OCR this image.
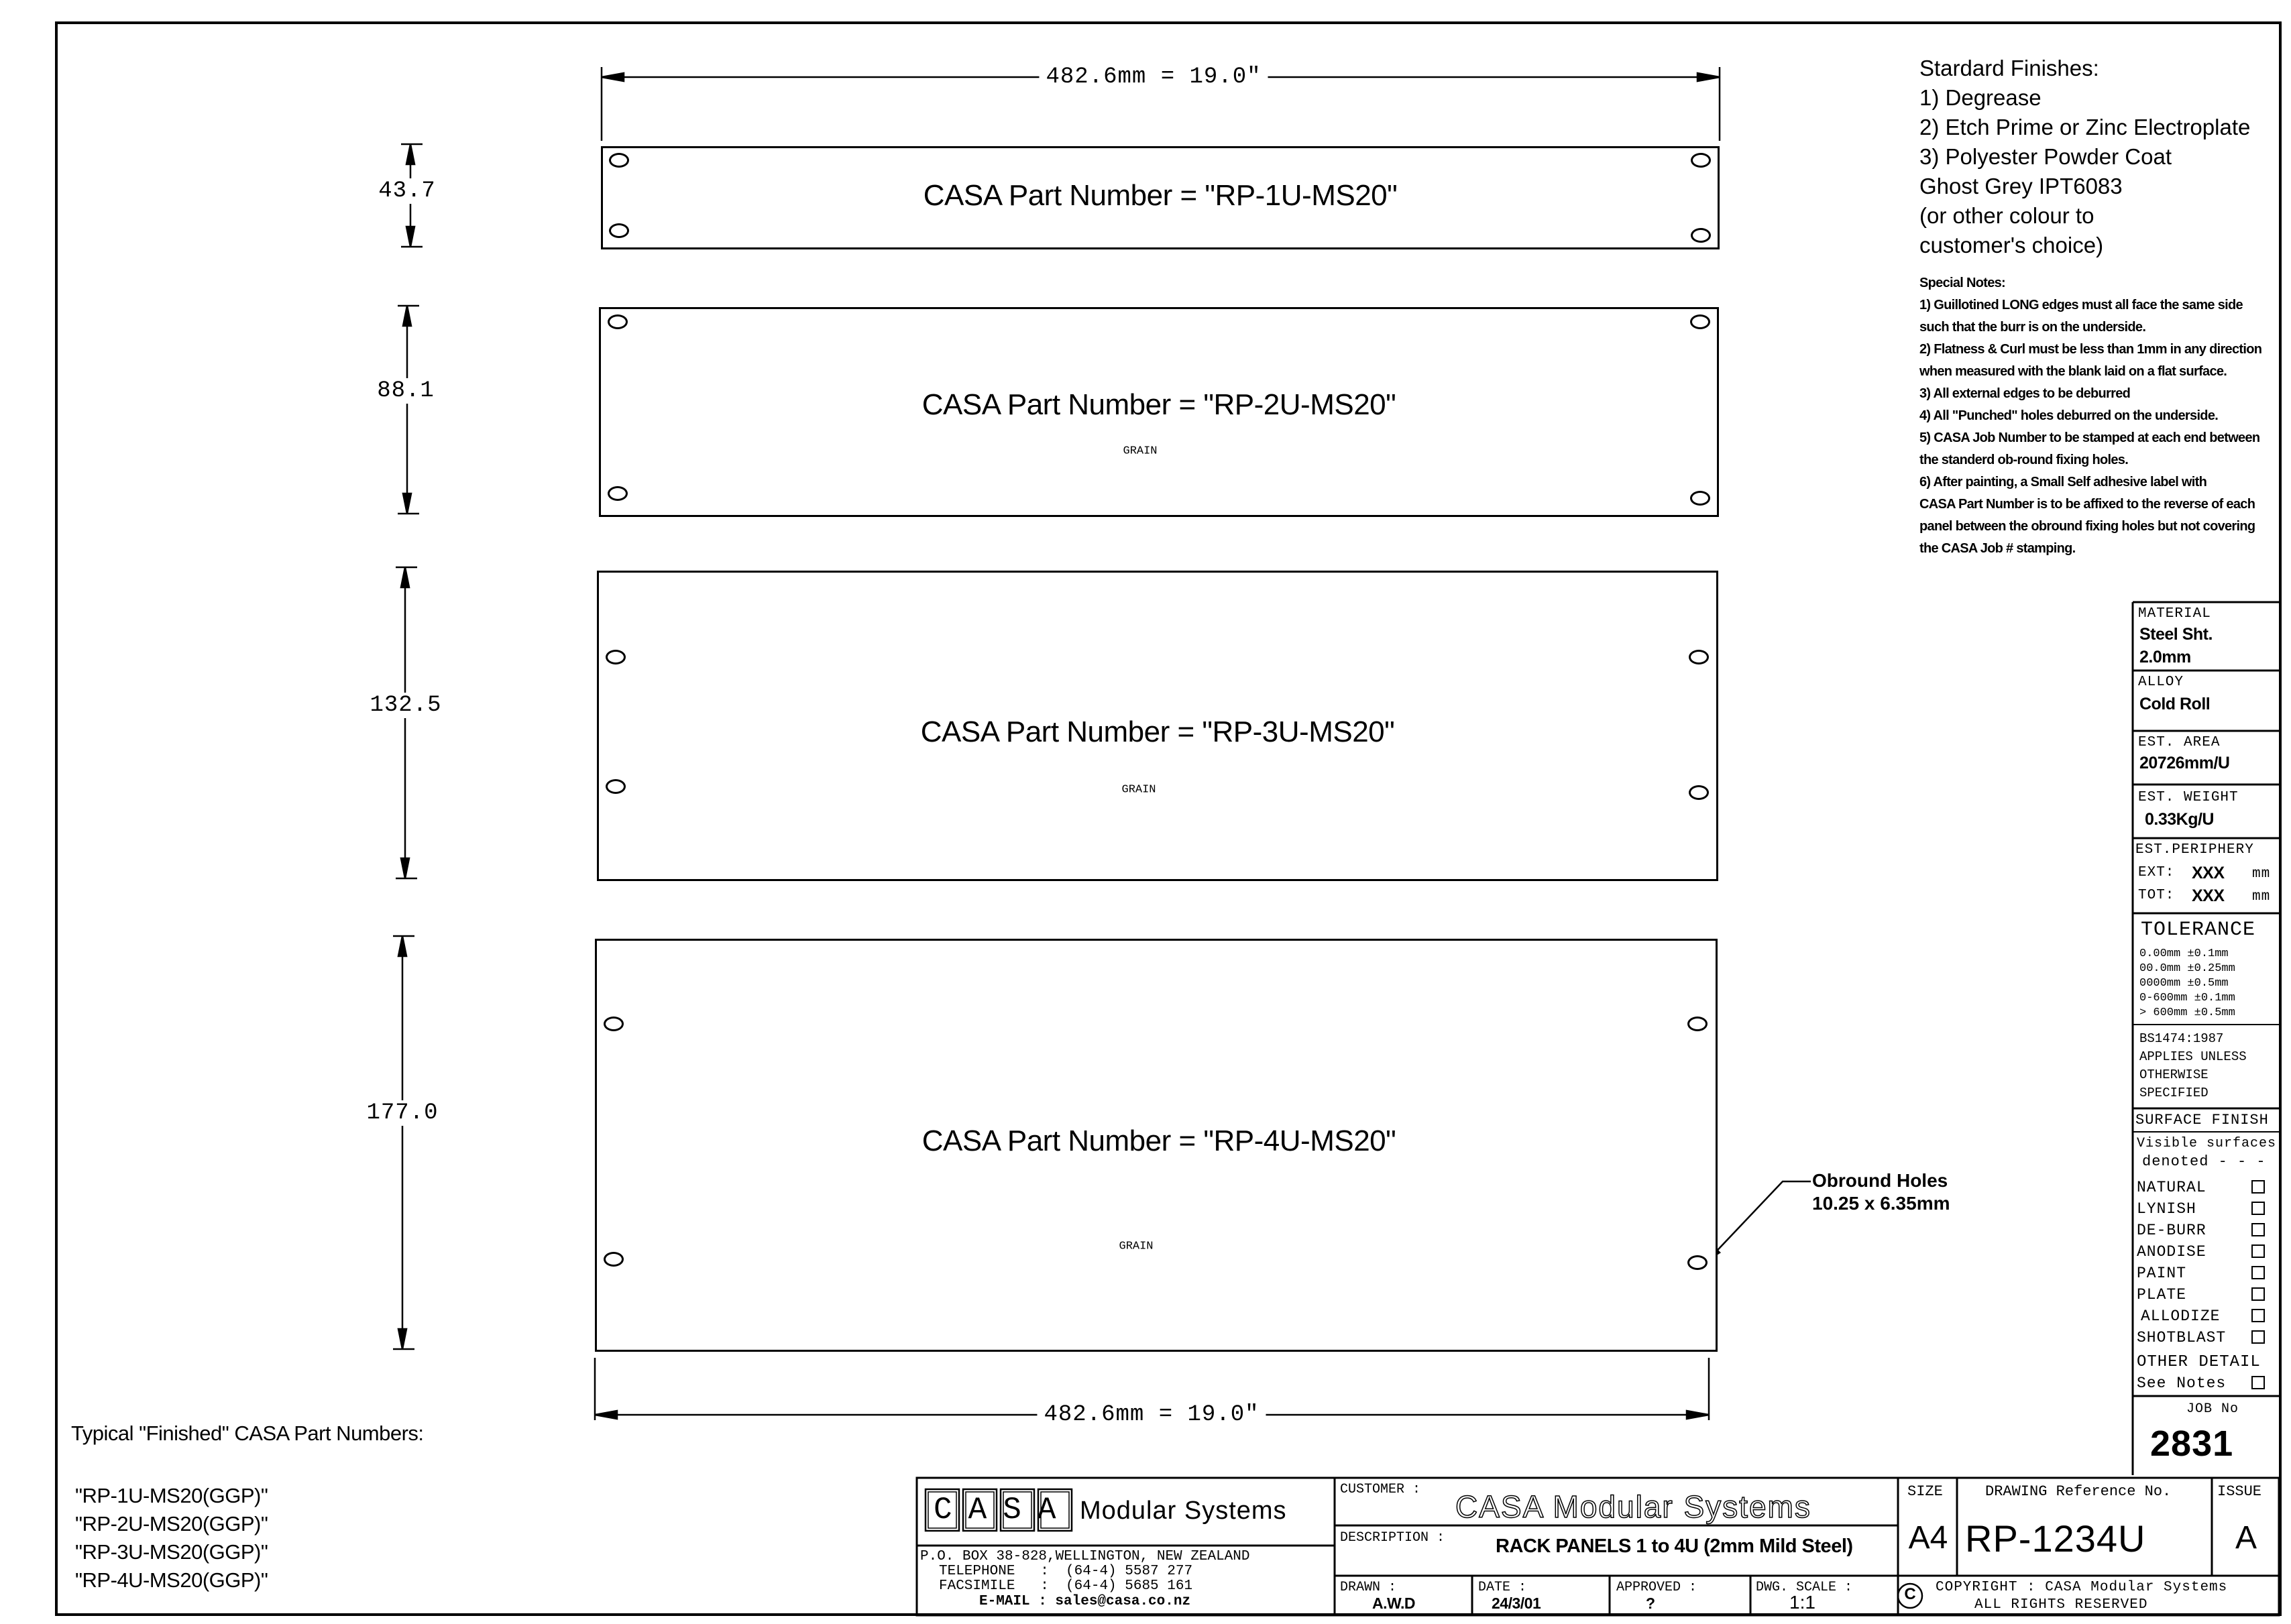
482.6mm = 19.0"
482.6mm = 19.0"
43.7
88.1
132.5
177.0
CASA Part Number = "RP-1U-MS20"
CASA Part Number = "RP-2U-MS20"
GRAIN
CASA Part Number = "RP-3U-MS20"
GRAIN
CASA Part Number = "RP-4U-MS20"
GRAIN
Obround Holes
10.25 x 6.35mm
Stardard Finishes:
1) Degrease
2) Etch Prime or Zinc Electroplate
3) Polyester Powder Coat
Ghost Grey IPT6083
(or other colour to
customer's choice)
Special Notes:
1) Guillotined LONG edges must all face the same side
such that the burr is on the underside.
2) Flatness & Curl must be less than 1mm in any direction
when measured with the blank laid on a flat surface.
3) All external edges to be deburred
4) All "Punched" holes deburred on the underside.
5) CASA Job Number to be stamped at each end between
the standerd ob-round fixing holes.
6) After painting, a Small Self adhesive label with
CASA Part Number is to be affixed to the reverse of each
panel between the obround fixing holes but not covering
the CASA Job # stamping.
Typical "Finished" CASA Part Numbers:
"RP-1U-MS20(GGP)"
"RP-2U-MS20(GGP)"
"RP-3U-MS20(GGP)"
"RP-4U-MS20(GGP)"
MATERIAL
Steel Sht.
2.0mm
ALLOY
Cold Roll
EST. AREA
20726mm/U
EST. WEIGHT
0.33Kg/U
EST.PERIPHERY
EXT: XXX mm
TOT: XXX mm
TOLERANCE
0.00mm ±0.1mm
00.0mm ±0.25mm
0000mm ±0.5mm
0-600mm ±0.1mm
> 600mm ±0.5mm
BS1474:1987
APPLIES UNLESS
OTHERWISE
SPECIFIED
SURFACE FINISH
Visible surfaces
denoted - - -
NATURAL
LYNISH
DE-BURR
ANODISE
PAINT
PLATE
ALLODIZE
SHOTBLAST
OTHER DETAIL
See Notes
JOB No
2831
CASA Modular Systems
P.O. BOX 38-828,WELLINGTON, NEW ZEALAND
TELEPHONE   :  (64-4) 5587 277
FACSIMILE   :  (64-4) 5685 161
E-MAIL : sales@casa.co.nz
CUSTOMER : CASA Modular Systems
DESCRIPTION :	RACK PANELS 1 to 4U (2mm Mild Steel)
DRAWN :
A.W.D
DATE :
24/3/01
APPROVED :
?
DWG. SCALE :
1:1
SIZE
A4
DRAWING Reference No.
RP-1234U
ISSUE
A
C COPYRIGHT : CASA Modular Systems
ALL RIGHTS RESERVED
